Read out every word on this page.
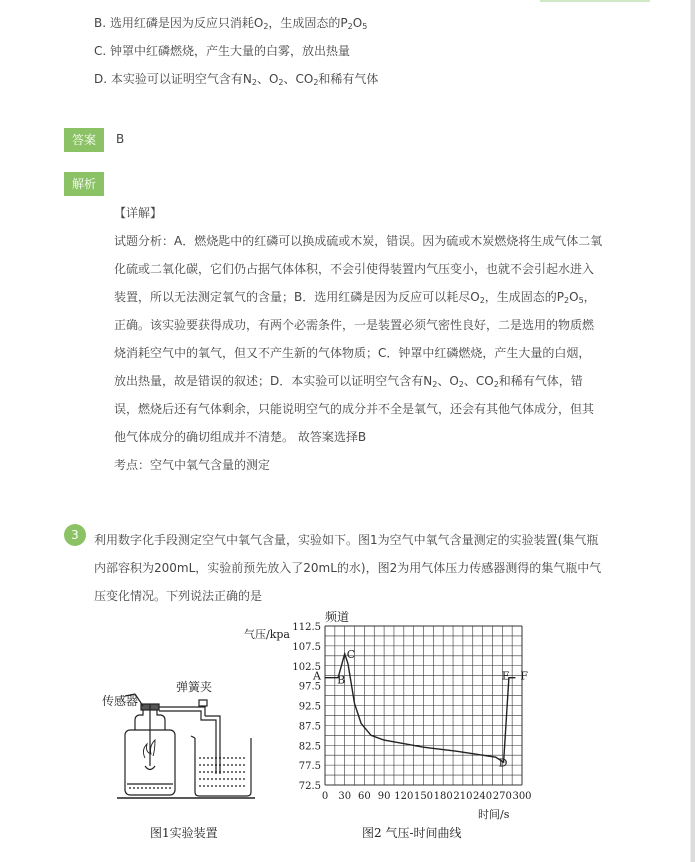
B. 选用红磷是因为反应只消耗$O_2$，生成固态的$P_2O_5$
C. 钟罩中红磷燃烧，产生大量的白雾，放出热量
D. 本实验可以证明空气含有$N_2$、$O_2$、$CO_2$和稀有气体
答案	B
解析
【详解】
试题分析：A．燃烧匙中的红磷可以换成硫或木炭，错误。因为硫或木炭燃烧将生成气体二氧
化硫或二氧化碳，它们仍占据气体体积，不会引使得装置内气压变小，也就不会引起水进入
装置，所以无法测定氧气的含量；B．选用红磷是因为反应可以耗尽$O_2$，生成固态的$P_2O_5$，
正确。该实验要获得成功，有两个必需条件，一是装置必须气密性良好，二是选用的物质燃
烧消耗空气中的氧气，但又不产生新的气体物质；C．钟罩中红磷燃烧，产生大量的白烟，
放出热量，故是错误的叙述；D．本实验可以证明空气含有$N_2$、$O_2$、$CO_2$和稀有气体，错
误，燃烧后还有气体剩余，只能说明空气的成分并不全是氧气，还会有其他气体成分，但其
他气体成分的确切组成并不清楚。 故答案选择B
考点：空气中氧气含量的测定
3	利用数字化手段测定空气中氧气含量，实验如下。图1为空气中氧气含量测定的实验装置(集气瓶
内部容积为200mL，实验前预先放入了20mL的水)，图2为用气体压力传感器测得的集气瓶中气
压变化情况。下列说法正确的是
传感器
弹簧夹
图1实验装置
0 30 60 90 120 150 180 210 240 270 300
112.5
107.5
102.5
97.5
92.5
87.5
82.5
77.5
72.5
A B
C
D
E F
频道
气压/kpa
时间/s
图2 气压-时间曲线
